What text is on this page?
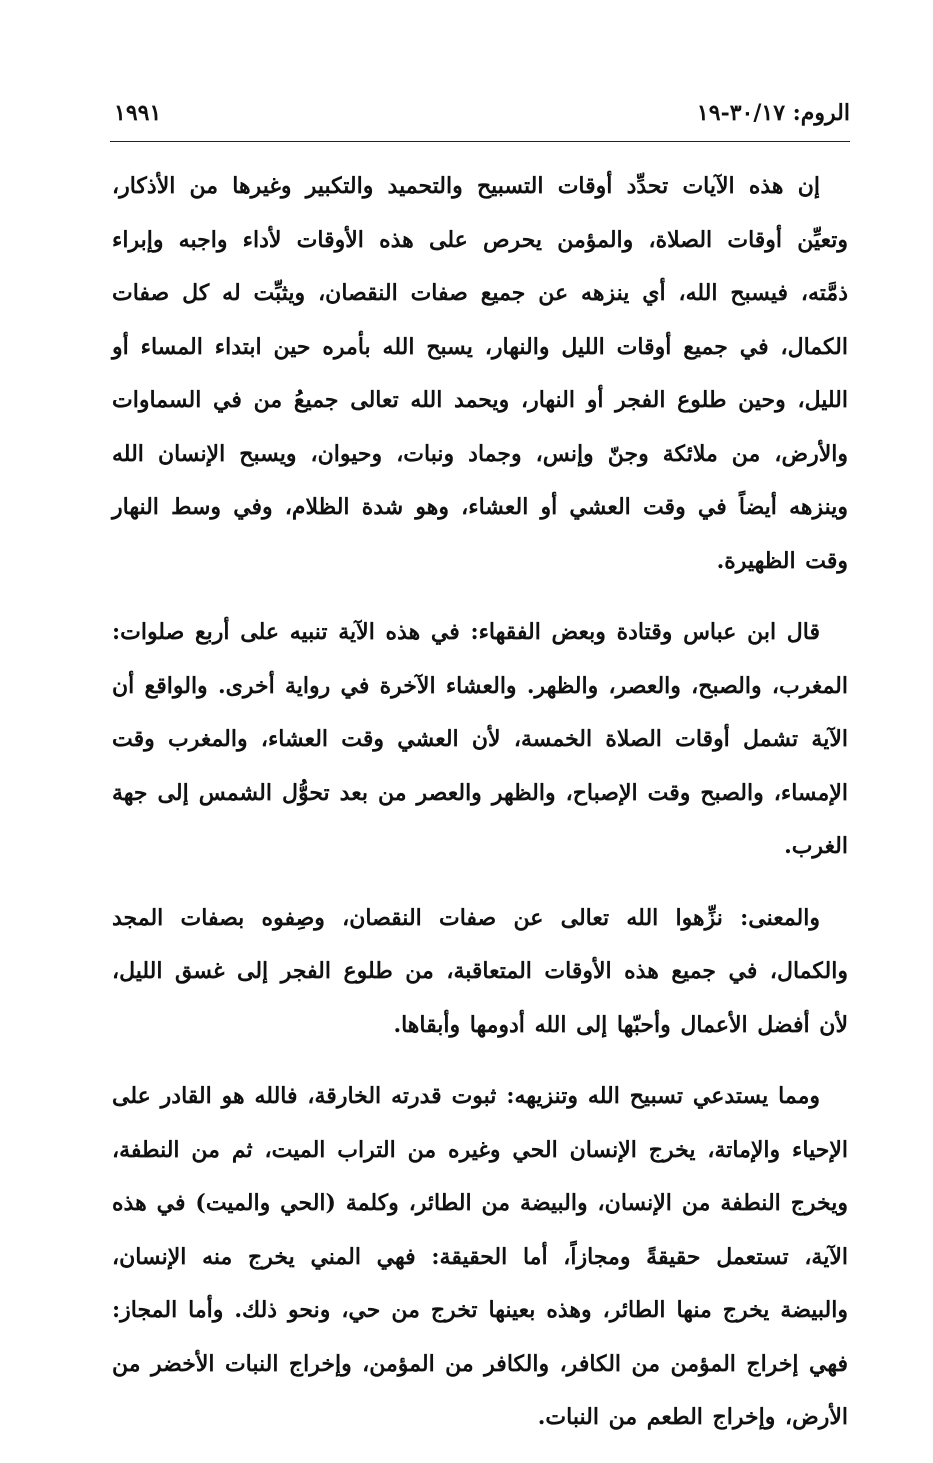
الروم: ٣٠/١٧-١٩
١٩٩١

إن هذه الآيات تحدِّد أوقات التسبيح والتحميد والتكبير وغيرها من الأذكار، وتعيِّن أوقات الصلاة، والمؤمن يحرص على هذه الأوقات لأداء واجبه وإبراء ذمَّته، فيسبح الله، أي ينزهه عن جميع صفات النقصان، ويثبِّت له كل صفات الكمال، في جميع أوقات الليل والنهار، يسبح الله بأمره حين ابتداء المساء أو الليل، وحين طلوع الفجر أو النهار، ويحمد الله تعالى جميعُ من في السماوات والأرض، من ملائكة وجنّ وإنس، وجماد ونبات، وحيوان، ويسبح الإنسان الله وينزهه أيضاً في وقت العشي أو العشاء، وهو شدة الظلام، وفي وسط النهار وقت الظهيرة.

قال ابن عباس وقتادة وبعض الفقهاء: في هذه الآية تنبيه على أربع صلوات: المغرب، والصبح، والعصر، والظهر. والعشاء الآخرة في رواية أخرى. والواقع أن الآية تشمل أوقات الصلاة الخمسة، لأن العشي وقت العشاء، والمغرب وقت الإمساء، والصبح وقت الإصباح، والظهر والعصر من بعد تحوُّل الشمس إلى جهة الغرب.

والمعنى: نزِّهوا الله تعالى عن صفات النقصان، وصِفوه بصفات المجد والكمال، في جميع هذه الأوقات المتعاقبة، من طلوع الفجر إلى غسق الليل، لأن أفضل الأعمال وأحبّها إلى الله أدومها وأبقاها.

ومما يستدعي تسبيح الله وتنزيهه: ثبوت قدرته الخارقة، فالله هو القادر على الإحياء والإماتة، يخرج الإنسان الحي وغيره من التراب الميت، ثم من النطفة، ويخرج النطفة من الإنسان، والبيضة من الطائر، وكلمة (الحي والميت) في هذه الآية، تستعمل حقيقةً ومجازاً، أما الحقيقة: فهي المني يخرج منه الإنسان، والبيضة يخرج منها الطائر، وهذه بعينها تخرج من حي، ونحو ذلك. وأما المجاز: فهي إخراج المؤمن من الكافر، والكافر من المؤمن، وإخراج النبات الأخضر من الأرض، وإخراج الطعم من النبات.
